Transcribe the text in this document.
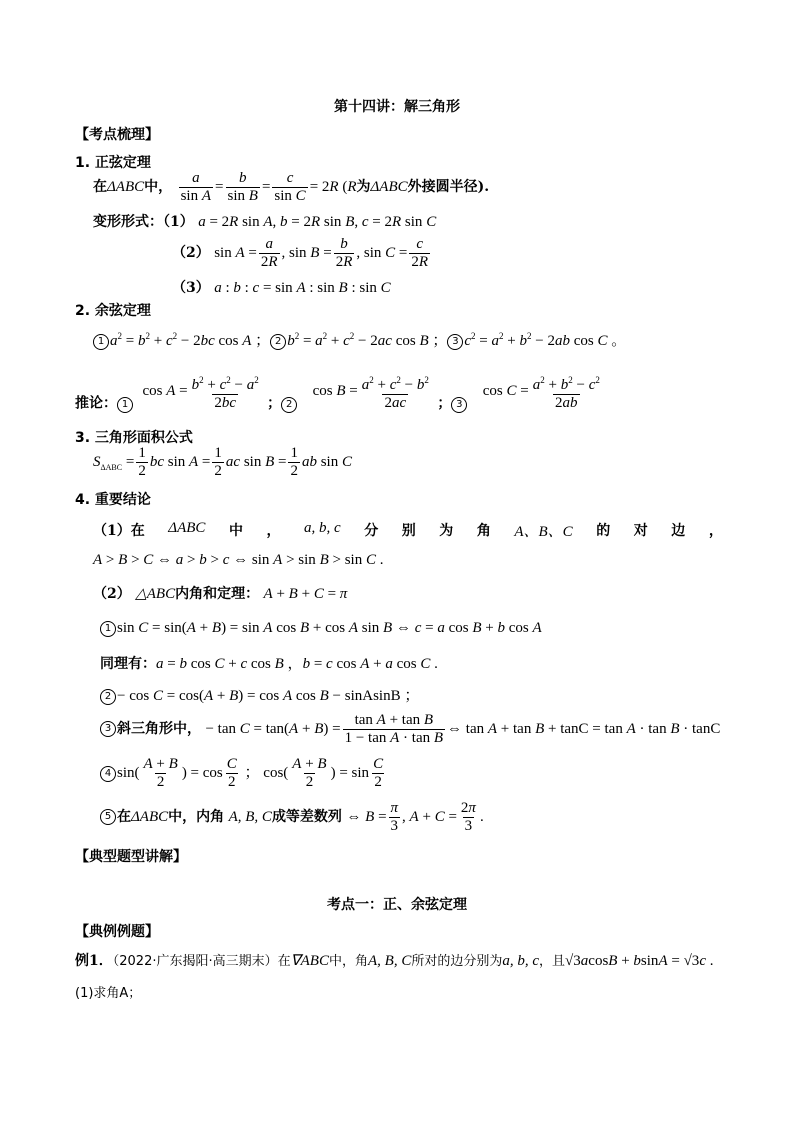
第十四讲：解三角形
【考点梳理】
1. 正弦定理
在ΔABC中， $\frac{a}{\text{sin A}} = \frac{b}{\text{sin B}} = \frac{c}{\text{sin C}} = 2R$ (R为ΔABC外接圆半径).
变形形式：（1） a = 2R sin A, b = 2R sin B, c = 2R sin C
（2） $\sin A = \frac{a}{2R}$ , $\sin B = \frac{b}{2R}$ , $\sin C = \frac{c}{2R}$
（3） a : b : c = sin A : sin B : sin C
2. 余弦定理
1 $a^2 = b^2 + c^2 - 2bc$ cos A ； 2 $b^2 = a^2 + c^2 - 2ac$ cos B ； 3 $c^2 = a^2 + b^2 - 2ab$ cos C 。
推论： 1 $\cos A = \frac{b^2 + c^2 - a^2}{2bc}$ ； 2 $\cos B = \frac{a^2 + c^2 - b^2}{2ac}$ ； 3 $\cos C = \frac{a^2 + b^2 - c^2}{2ab}$
3. 三角形面积公式
$S_{\Delta ABC} = \frac{1}{2}$ bc $\sin A = \frac{1}{2}$ ac $\sin B = \frac{1}{2}$ ab sin C
4. 重要结论
（1）在 ΔABC 中 ， a, b, c 分 别 为 角 A、B、C 的 对 边 ，
A > B > C ⇔ a > b > c ⇔ sin A > sin B > sin C .
（2） △ABC内角和定理： A + B + C = π
1 sin C = sin(A + B) = sin A cos B + cos A sin B ⇔ c = a cos B + b cos A
同理有：a = b cos C + c cos B ，b = c cos A + a cos C .
2 − cos C = cos(A + B) = cos A cos B − sinAsinB ；
3 斜三角形中， − $\tan C = \tan(A + B) = \frac{\text{tan A + tan B}}{\text{1 − tan A · tan B}}$ ⇔ tan A + tan B + tanC = tan A · tan B · tanC
4 $\sin( \frac{A + B}{2}$ ) = $\cos \frac{C}{2}$ ； $\cos( \frac{A + B}{2}$ ) = $\sin \frac{C}{2}$
5 在ΔABC中，内角 A, B, C成等差数列 ⇔ $B = \frac{\pi}{3}$ , $A + C = \frac{2\pi}{3}$ .
【典型题型讲解】
考点一：正、余弦定理
【典例例题】
例1．（2022·广东揭阳·高三期末）在∇ABC中，角A, B, C所对的边分别为a, b, c，且√3acosB + bsinA = √3c .
(1)求角A；
